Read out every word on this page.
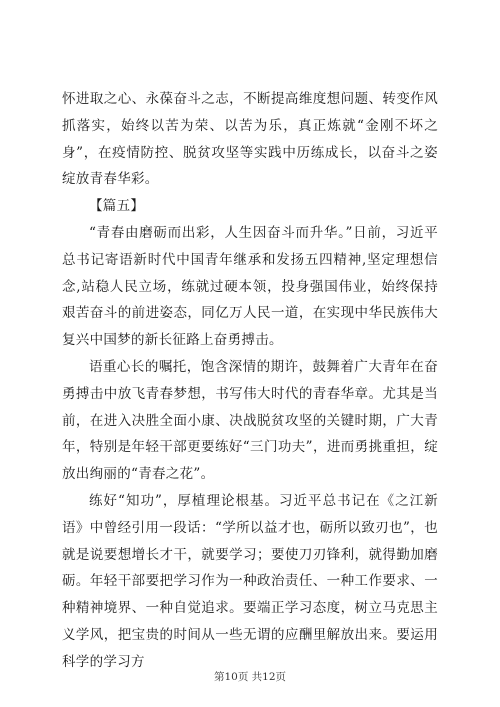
怀进取之心、永葆奋斗之志，不断提高维度想问题、转变作风抓落实，始终以苦为荣、以苦为乐，真正炼就“金刚不坏之身”，在疫情防控、脱贫攻坚等实践中历练成长，以奋斗之姿绽放青春华彩。

【篇五】

“青春由磨砺而出彩，人生因奋斗而升华。”日前，习近平总书记寄语新时代中国青年继承和发扬五四精神,坚定理想信念,站稳人民立场，练就过硬本领，投身强国伟业，始终保持艰苦奋斗的前进姿态，同亿万人民一道，在实现中华民族伟大复兴中国梦的新长征路上奋勇搏击。

语重心长的嘱托，饱含深情的期许，鼓舞着广大青年在奋勇搏击中放飞青春梦想，书写伟大时代的青春华章。尤其是当前，在进入决胜全面小康、决战脱贫攻坚的关键时期，广大青年，特别是年轻干部更要练好“三门功夫”，进而勇挑重担，绽放出绚丽的“青春之花”。

练好“知功”，厚植理论根基。习近平总书记在《之江新语》中曾经引用一段话：“学所以益才也，砺所以致刃也”，也就是说要想增长才干，就要学习；要使刀刃锋利，就得勤加磨砺。年轻干部要把学习作为一种政治责任、一种工作要求、一种精神境界、一种自觉追求。要端正学习态度，树立马克思主义学风，把宝贵的时间从一些无谓的应酬里解放出来。要运用科学的学习方

第10页 共12页
